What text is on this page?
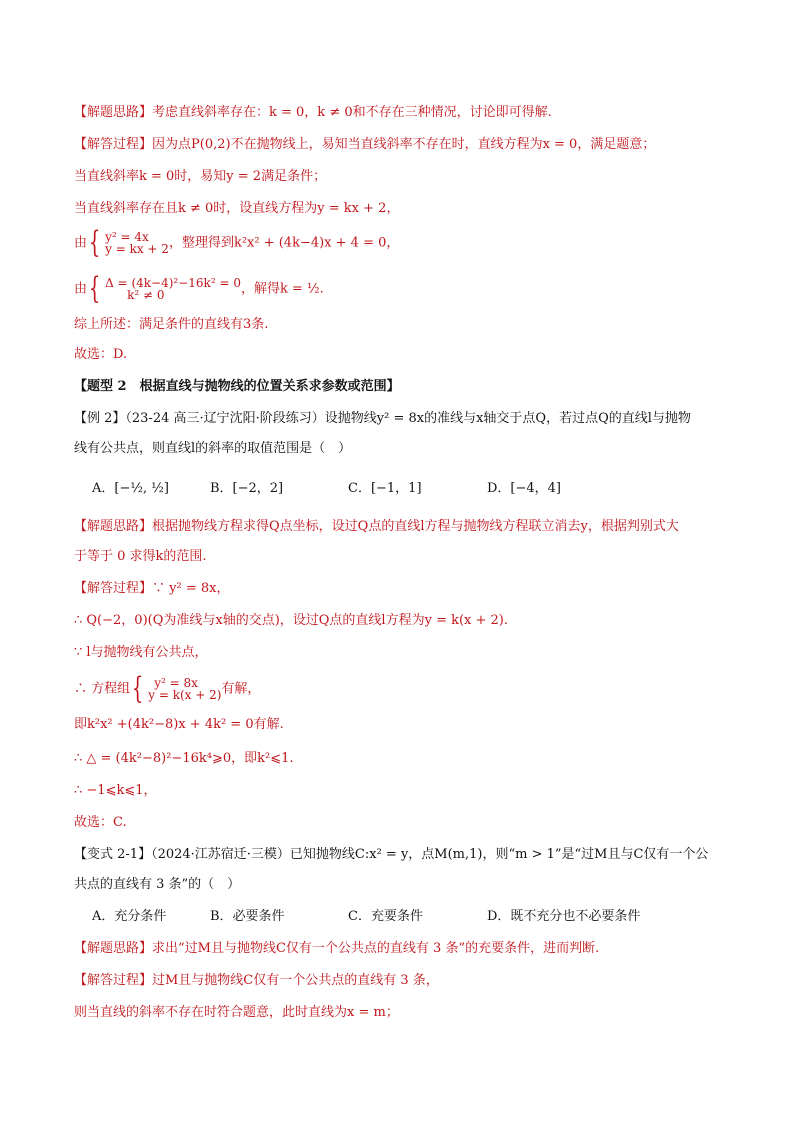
【解题思路】考虑直线斜率存在：k = 0，k ≠ 0和不存在三种情况，讨论即可得解.
【解答过程】因为点P(0,2)不在抛物线上，易知当直线斜率不存在时，直线方程为x = 0，满足题意；
当直线斜率k = 0时，易知y = 2满足条件；
当直线斜率存在且k ≠ 0时，设直线方程为y = kx + 2，
由{ y² = 4x
y = kx + 2 ，整理得到k²x² + (4k−4)x + 4 = 0，
由{ Δ = (4k−4)²−16k² = 0
k² ≠ 0	，解得k = ½.
综上所述：满足条件的直线有3条.
故选：D.
【题型 2　根据直线与抛物线的位置关系求参数或范围】
【例 2】（23-24 高三·辽宁沈阳·阶段练习）设抛物线y² = 8x的准线与x轴交于点Q，若过点Q的直线l与抛物
线有公共点，则直线l的斜率的取值范围是（　）
A．[−½, ½]	B．[−2，2]	C．[−1，1]	D．[−4，4]
【解题思路】根据抛物线方程求得Q点坐标，设过Q点的直线l方程与抛物线方程联立消去y，根据判别式大
于等于 0 求得k的范围.
【解答过程】∵ y² = 8x，
∴ Q(−2，0)(Q为准线与x轴的交点)，设过Q点的直线l方程为y = k(x + 2).
∵ l与抛物线有公共点，
∴ 方程组{ y² = 8x
y = k(x + 2) 有解，
即k²x² +(4k²−8)x + 4k² = 0有解.
∴ △ = (4k²−8)²−16k⁴⩾0，即k²⩽1.
∴ −1⩽k⩽1，
故选：C.
【变式 2-1】（2024·江苏宿迁·三模）已知抛物线C:x² = y，点M(m,1)，则“m > 1”是“过M且与C仅有一个公
共点的直线有 3 条”的（　）
A．充分条件	B．必要条件	C．充要条件	D．既不充分也不必要条件
【解题思路】求出“过M且与抛物线C仅有一个公共点的直线有 3 条”的充要条件，进而判断.
【解答过程】过M且与抛物线C仅有一个公共点的直线有 3 条，
则当直线的斜率不存在时符合题意，此时直线为x = m；
